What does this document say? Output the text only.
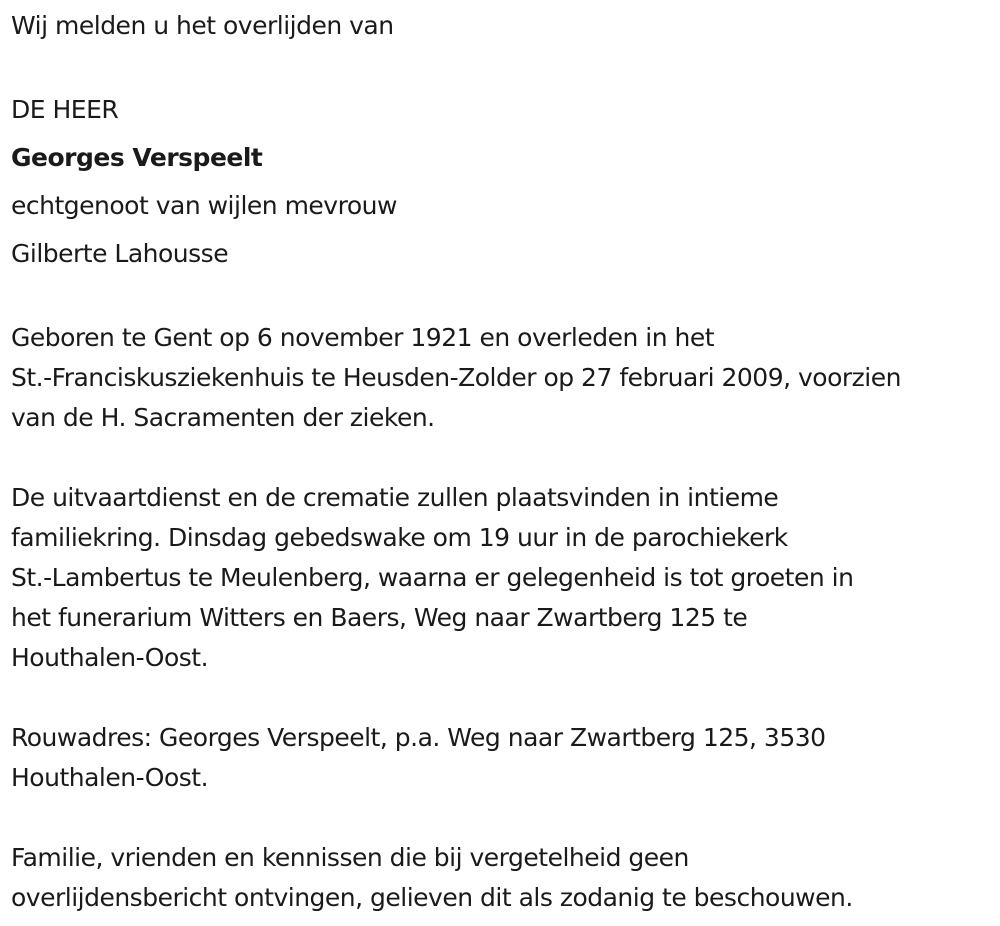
Wij melden u het overlijden van
DE HEER
Georges Verspeelt
echtgenoot van wijlen mevrouw
Gilberte Lahousse
Geboren te Gent op 6 november 1921 en overleden in het
St.-Franciskusziekenhuis te Heusden-Zolder op 27 februari 2009, voorzien
van de H. Sacramenten der zieken.
De uitvaartdienst en de crematie zullen plaatsvinden in intieme
familiekring. Dinsdag gebedswake om 19 uur in de parochiekerk
St.-Lambertus te Meulenberg, waarna er gelegenheid is tot groeten in
het funerarium Witters en Baers, Weg naar Zwartberg 125 te
Houthalen-Oost.
Rouwadres: Georges Verspeelt, p.a. Weg naar Zwartberg 125, 3530
Houthalen-Oost.
Familie, vrienden en kennissen die bij vergetelheid geen
overlijdensbericht ontvingen, gelieven dit als zodanig te beschouwen.
